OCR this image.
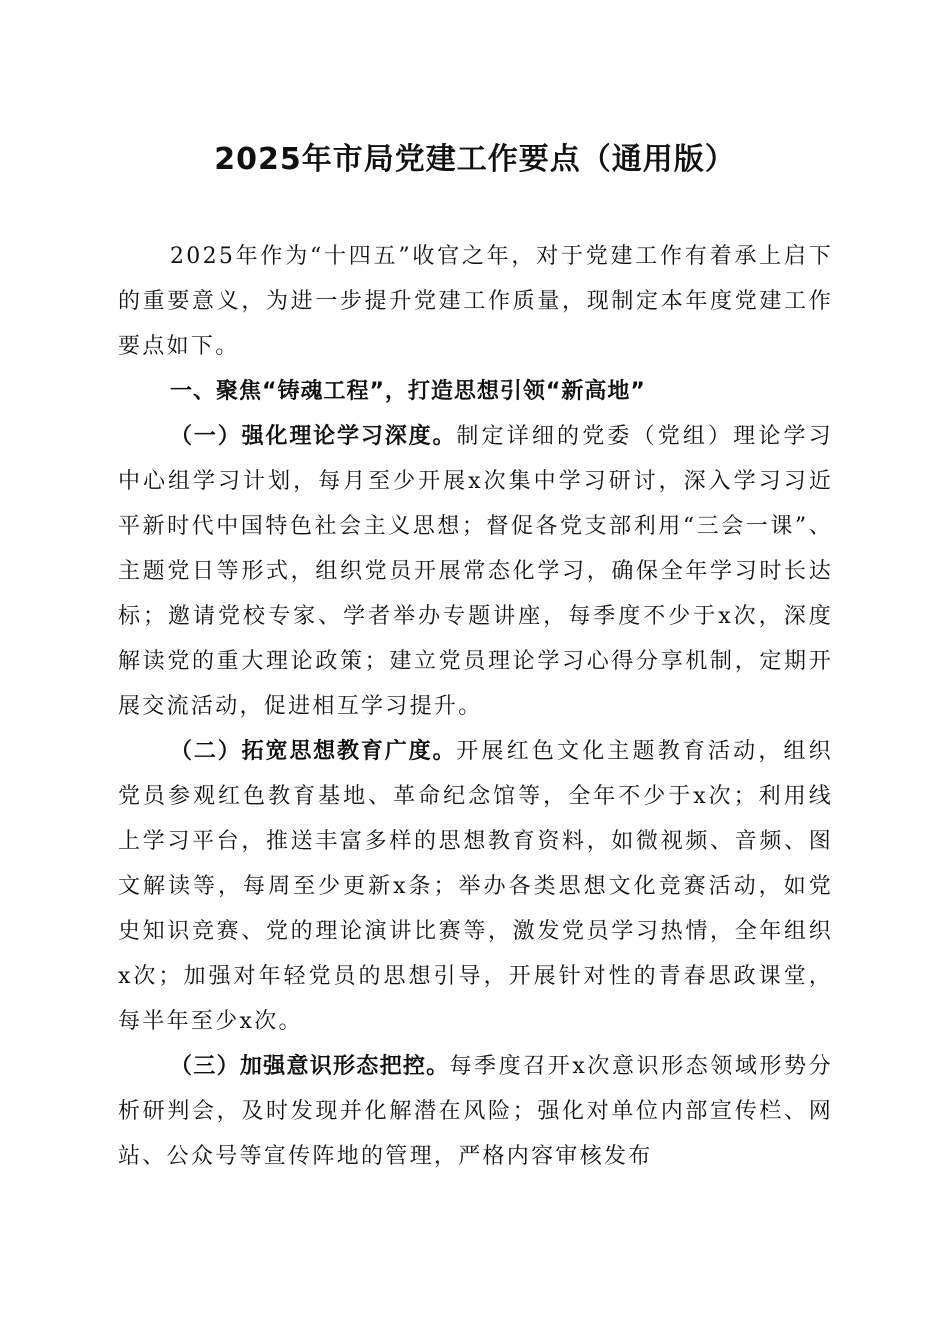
2025年市局党建工作要点（通用版）

2025年作为“十四五”收官之年，对于党建工作有着承上启下的重要意义，为进一步提升党建工作质量，现制定本年度党建工作要点如下。

一、聚焦“铸魂工程”，打造思想引领“新高地”

（一）强化理论学习深度。制定详细的党委（党组）理论学习中心组学习计划，每月至少开展x次集中学习研讨，深入学习习近平新时代中国特色社会主义思想；督促各党支部利用“三会一课”、主题党日等形式，组织党员开展常态化学习，确保全年学习时长达标；邀请党校专家、学者举办专题讲座，每季度不少于x次，深度解读党的重大理论政策；建立党员理论学习心得分享机制，定期开展交流活动，促进相互学习提升。

（二）拓宽思想教育广度。开展红色文化主题教育活动，组织党员参观红色教育基地、革命纪念馆等，全年不少于x次；利用线上学习平台，推送丰富多样的思想教育资料，如微视频、音频、图文解读等，每周至少更新x条；举办各类思想文化竞赛活动，如党史知识竞赛、党的理论演讲比赛等，激发党员学习热情，全年组织x次；加强对年轻党员的思想引导，开展针对性的青春思政课堂，每半年至少x次。

（三）加强意识形态把控。每季度召开x次意识形态领域形势分析研判会，及时发现并化解潜在风险；强化对单位内部宣传栏、网站、公众号等宣传阵地的管理，严格内容审核发布
